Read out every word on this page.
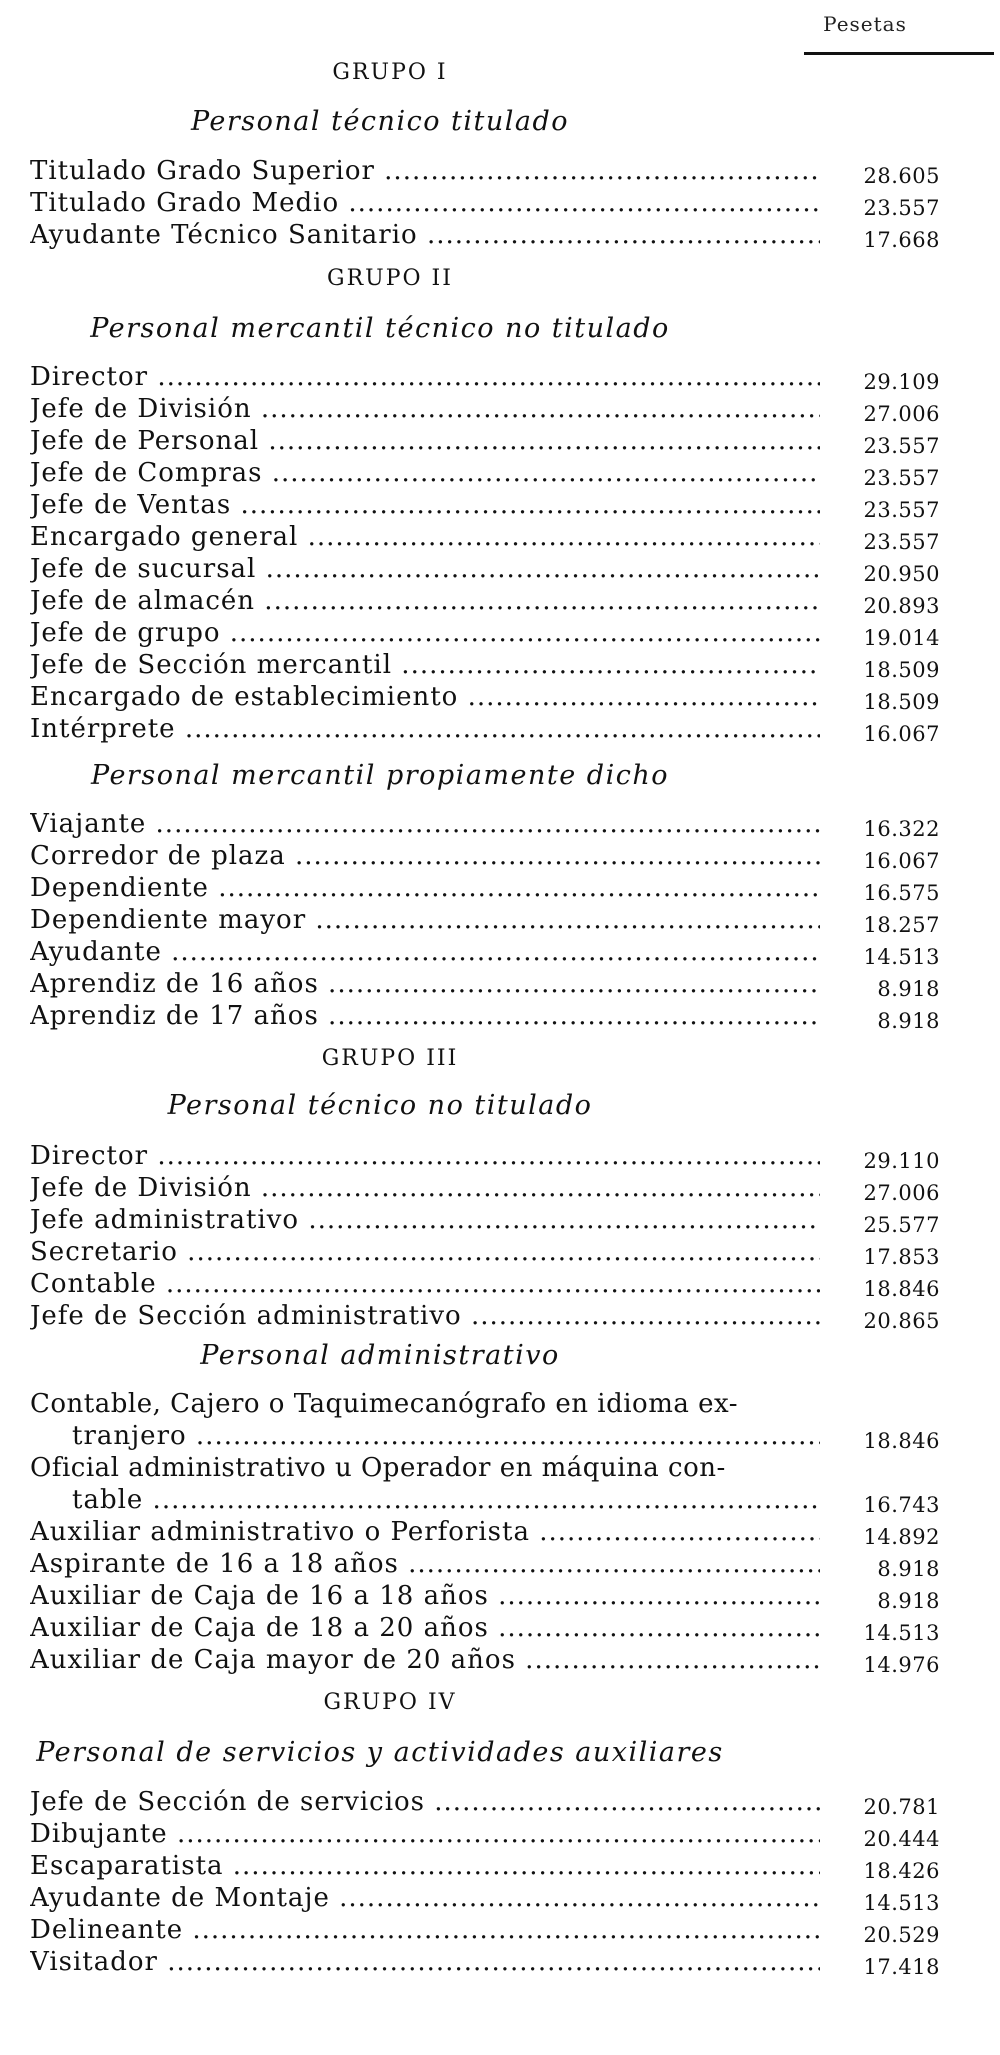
Pesetas
GRUPO I
Personal técnico titulado
Titulado Grado Superior .....	28.605
Titulado Grado Medio .....	23.557
Ayudante Técnico Sanitario .....	17.668
GRUPO II
Personal mercantil técnico no titulado
Director .....	29.109
Jefe de División .....	27.006
Jefe de Personal .....	23.557
Jefe de Compras .....	23.557
Jefe de Ventas .....	23.557
Encargado general .....	23.557
Jefe de sucursal .....	20.950
Jefe de almacén .....	20.893
Jefe de grupo .....	19.014
Jefe de Sección mercantil .....	18.509
Encargado de establecimiento .....	18.509
Intérprete .....	16.067
Personal mercantil propiamente dicho
Viajante .....	16.322
Corredor de plaza .....	16.067
Dependiente .....	16.575
Dependiente mayor .....	18.257
Ayudante .....	14.513
Aprendiz de 16 años .....	8.918
Aprendiz de 17 años .....	8.918
GRUPO III
Personal técnico no titulado
Director .....	29.110
Jefe de División .....	27.006
Jefe administrativo .....	25.577
Secretario .....	17.853
Contable .....	18.846
Jefe de Sección administrativo .....	20.865
Personal administrativo
Contable, Cajero o Taquimecanógrafo en idioma ex-
tranjero .....	18.846
Oficial administrativo u Operador en máquina con-
table .....	16.743
Auxiliar administrativo o Perforista .....	14.892
Aspirante de 16 a 18 años .....	8.918
Auxiliar de Caja de 16 a 18 años .....	8.918
Auxiliar de Caja de 18 a 20 años .....	14.513
Auxiliar de Caja mayor de 20 años .....	14.976
GRUPO IV
Personal de servicios y actividades auxiliares
Jefe de Sección de servicios .....	20.781
Dibujante .....	20.444
Escaparatista .....	18.426
Ayudante de Montaje .....	14.513
Delineante .....	20.529
Visitador .....	17.418
